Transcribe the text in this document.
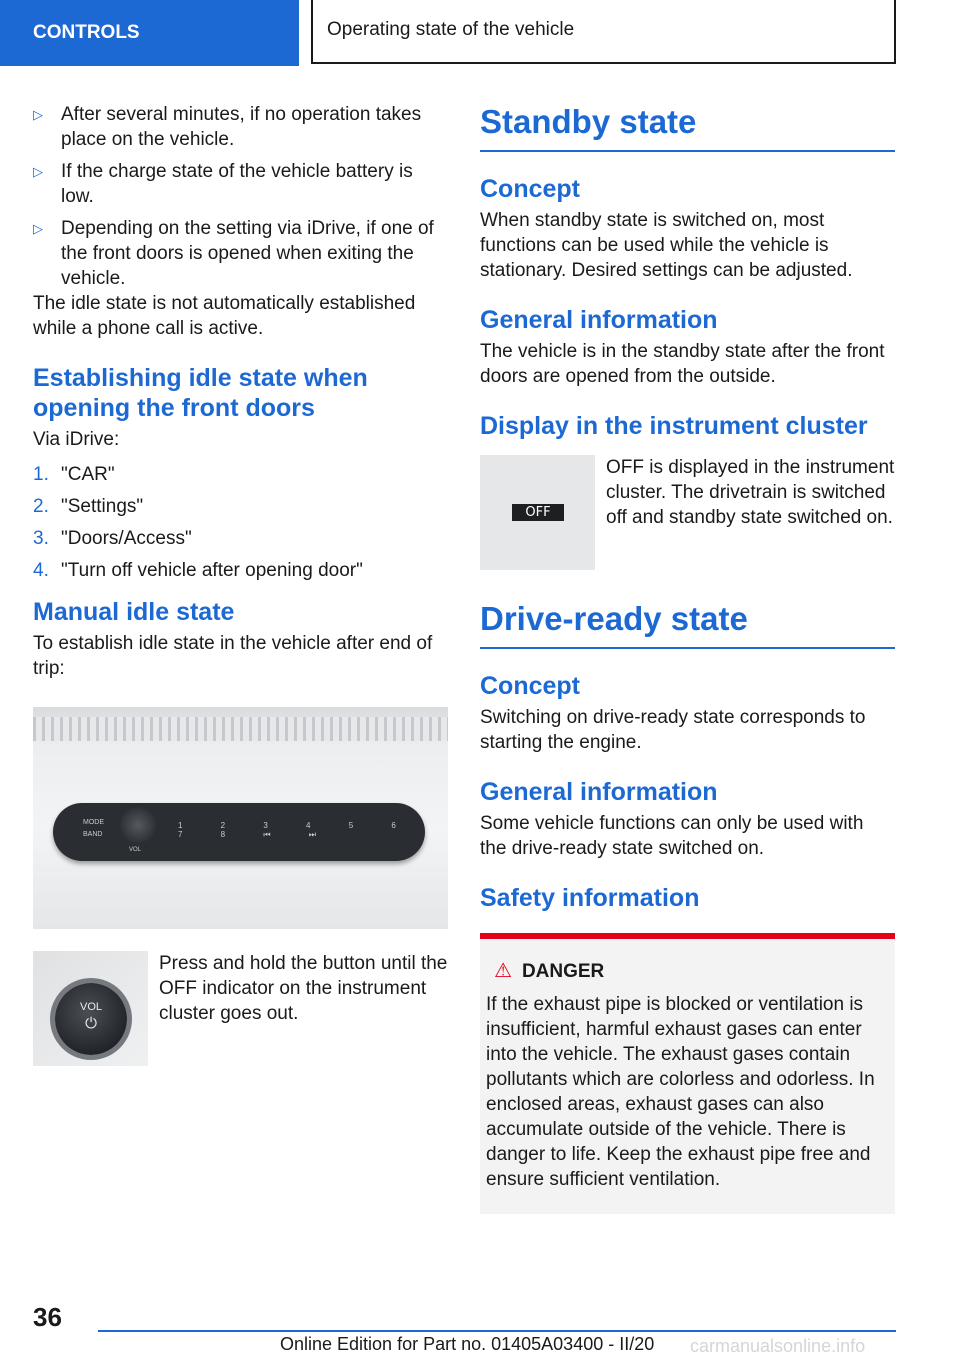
CONTROLS	Operating state of the vehicle
▷ After several minutes, if no operation takes place on the vehicle.
▷ If the charge state of the vehicle battery is low.
▷ Depending on the setting via iDrive, if one of the front doors is opened when exiting the vehicle.

The idle state is not automatically established while a phone call is active.

Establishing idle state when opening the front doors

Via iDrive:

1. "CAR"
2. "Settings"
3. "Doors/Access"
4. "Turn off vehicle after opening door"
Manual idle state

To establish idle state in the vehicle after end of trip:

MODE
BAND
VOL
1 2 3 4 5 6 7 8 ⏮ ⏭
VOL
⏻
Press and hold the button until the OFF indicator on the instrument cluster goes out.
Standby state
Concept

When standby state is switched on, most functions can be used while the vehicle is stationary. Desired settings can be adjusted.

General information

The vehicle is in the standby state after the front doors are opened from the outside.

Display in the instrument cluster
OFF
OFF is displayed in the instrument cluster. The drivetrain is switched off and standby state switched on.
Drive-ready state
Concept

Switching on drive-ready state corresponds to starting the engine.

General information

Some vehicle functions can only be used with the drive-ready state switched on.

Safety information
⚠ DANGER

If the exhaust pipe is blocked or ventilation is insufficient, harmful exhaust gases can enter into the vehicle. The exhaust gases contain pollutants which are colorless and odorless. In enclosed areas, exhaust gases can also accumulate outside of the vehicle. There is danger to life. Keep the exhaust pipe free and ensure sufficient ventilation.

36
Online Edition for Part no. 01405A03400 - II/20 carmanualsonline.info
